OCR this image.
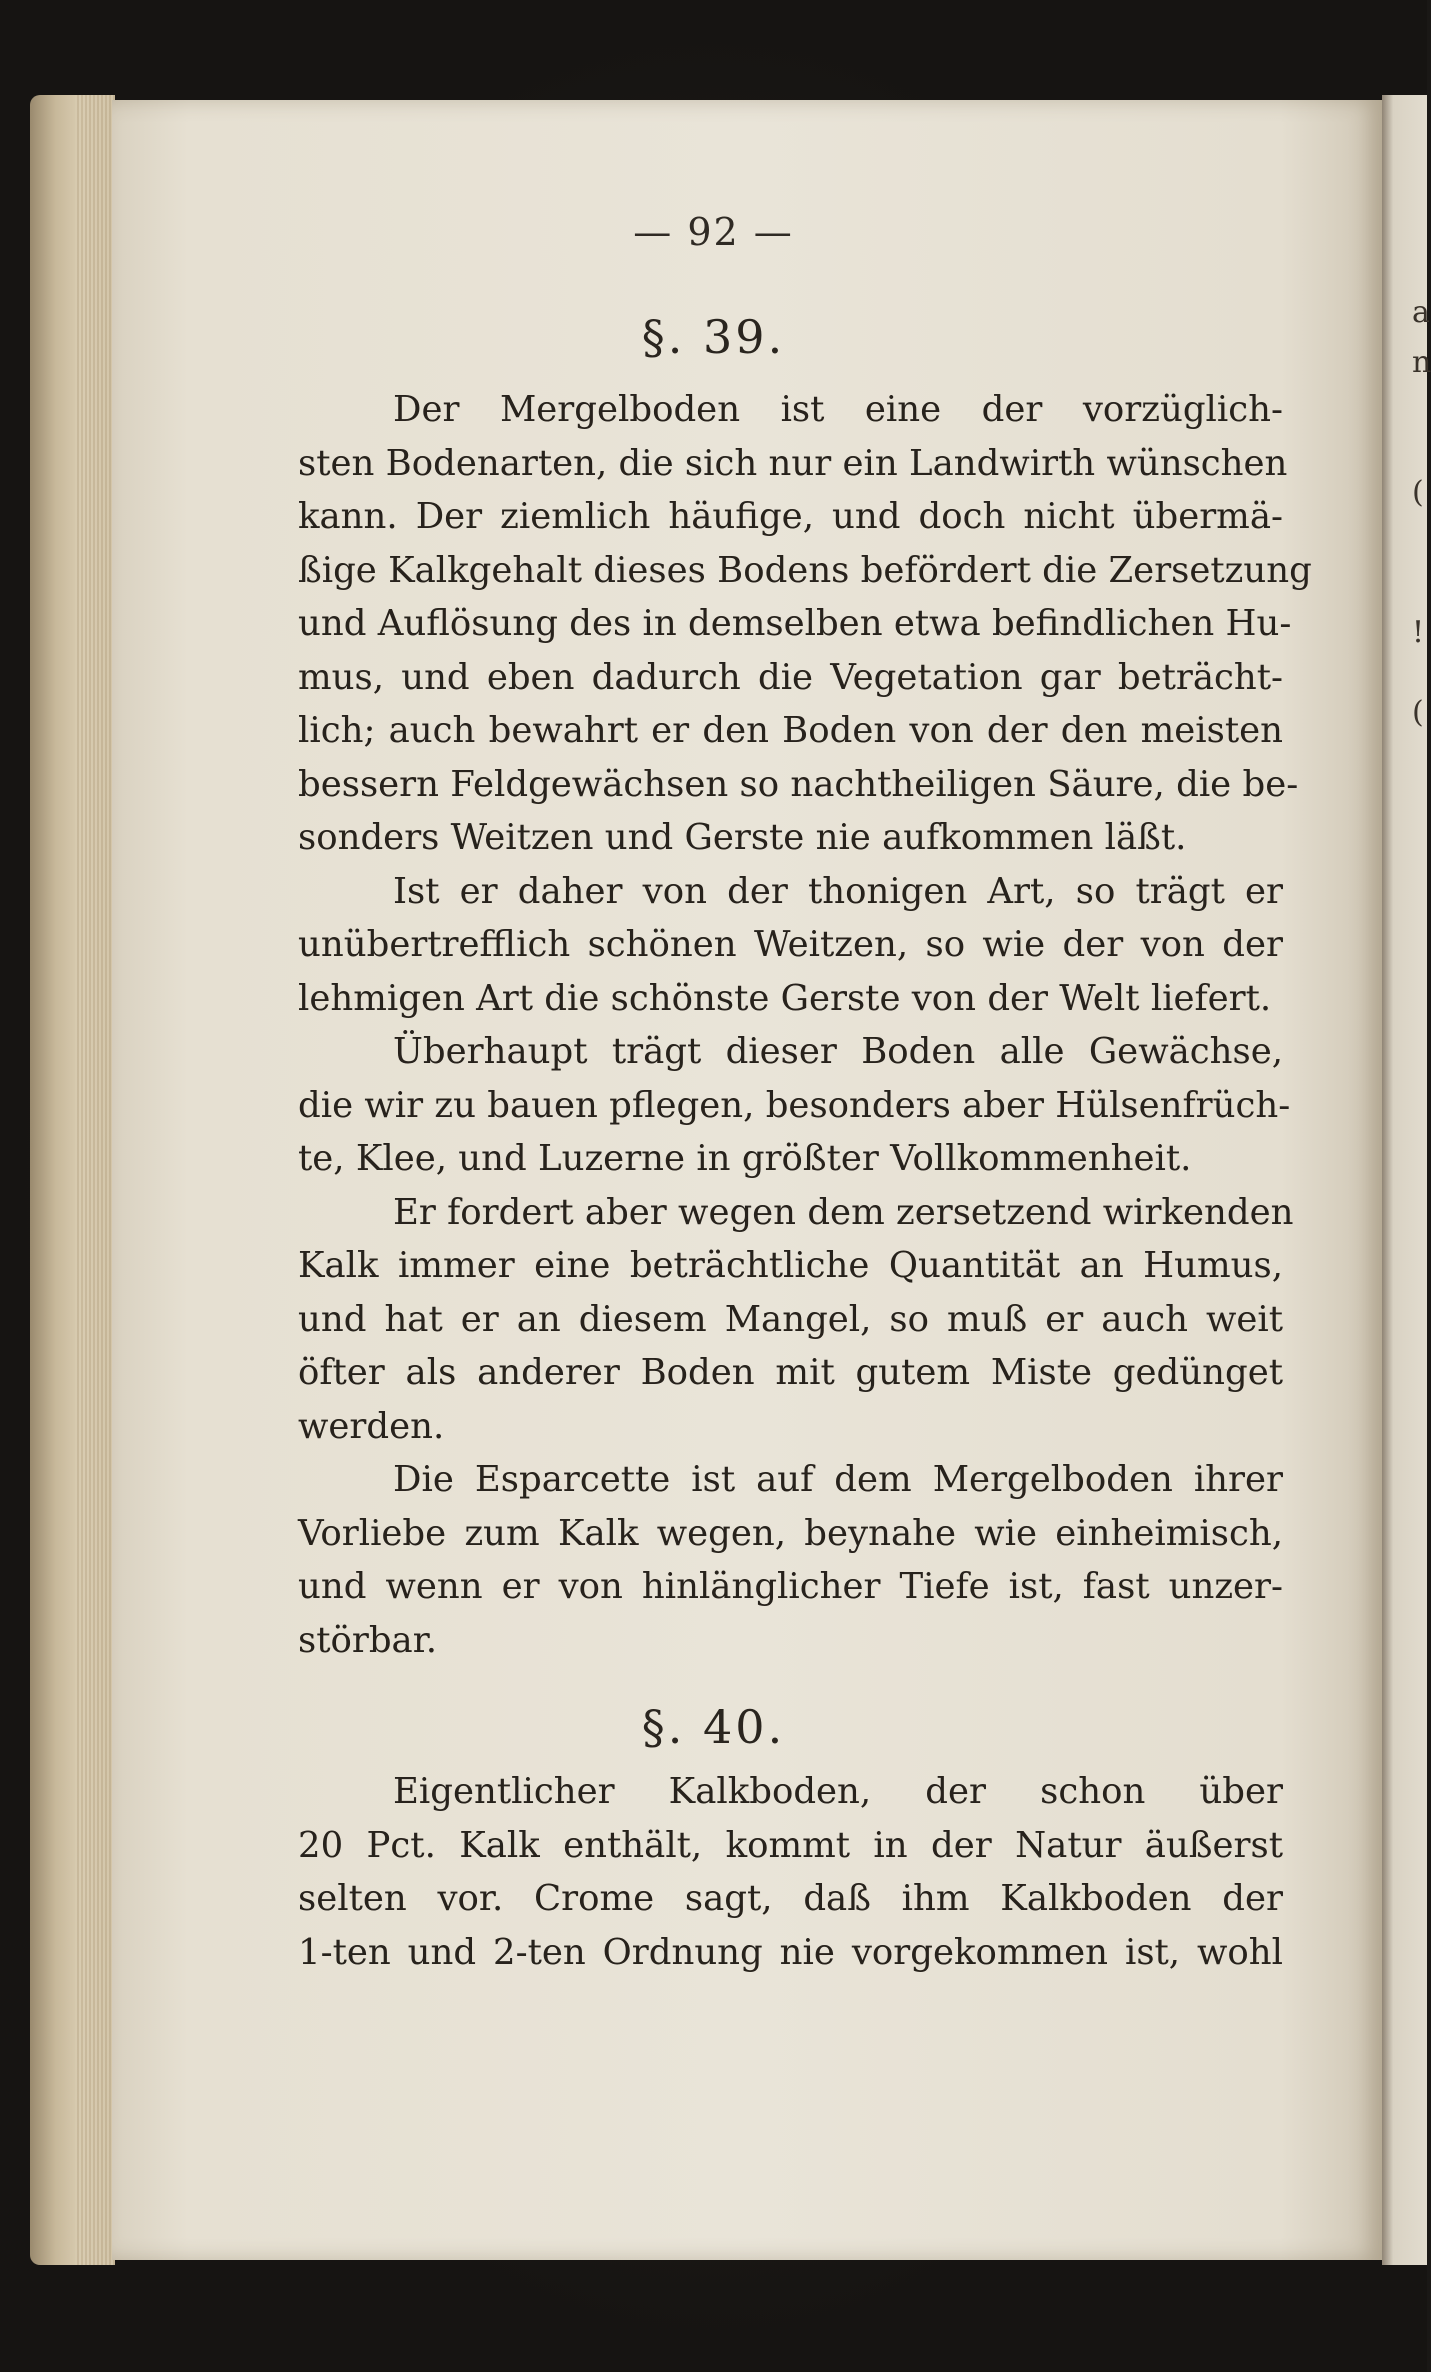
a
n
(
!
(
— 92 —
§. 39.
Der Mergelboden ist eine der vorzüglich-
sten Bodenarten, die sich nur ein Landwirth wünschen
kann. Der ziemlich häufige, und doch nicht übermä-
ßige Kalkgehalt dieses Bodens befördert die Zersetzung
und Auflösung des in demselben etwa befindlichen Hu-
mus, und eben dadurch die Vegetation gar beträcht-
lich; auch bewahrt er den Boden von der den meisten
bessern Feldgewächsen so nachtheiligen Säure, die be-
sonders Weitzen und Gerste nie aufkommen läßt.
Ist er daher von der thonigen Art, so trägt er
unübertrefflich schönen Weitzen, so wie der von der
lehmigen Art die schönste Gerste von der Welt liefert.
Überhaupt trägt dieser Boden alle Gewächse,
die wir zu bauen pflegen, besonders aber Hülsenfrüch-
te, Klee, und Luzerne in größter Vollkommenheit.
Er fordert aber wegen dem zersetzend wirkenden
Kalk immer eine beträchtliche Quantität an Humus,
und hat er an diesem Mangel, so muß er auch weit
öfter als anderer Boden mit gutem Miste gedünget
werden.
Die Esparcette ist auf dem Mergelboden ihrer
Vorliebe zum Kalk wegen, beynahe wie einheimisch,
und wenn er von hinlänglicher Tiefe ist, fast unzer-
störbar.
§. 40.
Eigentlicher Kalkboden, der schon über
20 Pct. Kalk enthält, kommt in der Natur äußerst
selten vor. Crome sagt, daß ihm Kalkboden der
1-ten und 2-ten Ordnung nie vorgekommen ist, wohl
